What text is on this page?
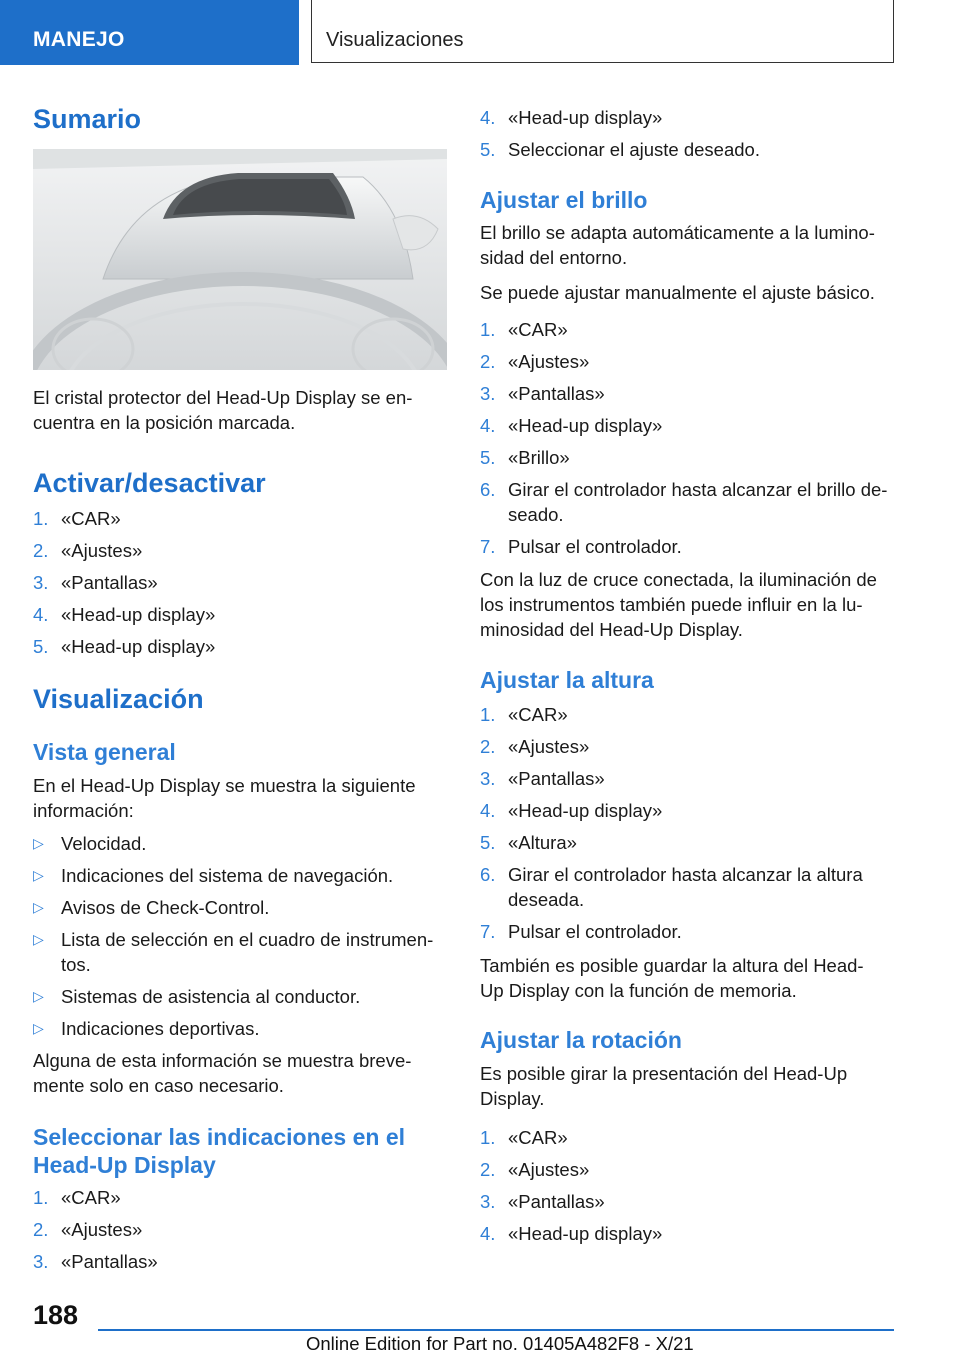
MANEJO	Visualizaciones
Sumario
El cristal protector del Head-Up Display se en-
cuentra en la posición marcada.
Activar/desactivar
1. «CAR»
2. «Ajustes»
3. «Pantallas»
4. «Head-up display»
5. «Head-up display»
Visualización
Vista general
En el Head-Up Display se muestra la siguiente
información:
▷ Velocidad.
▷ Indicaciones del sistema de navegación.
▷ Avisos de Check-Control.
▷ Lista de selección en el cuadro de instrumen-
tos.
▷ Sistemas de asistencia al conductor.
▷ Indicaciones deportivas.
Alguna de esta información se muestra breve-
mente solo en caso necesario.
Seleccionar las indicaciones en el
Head-Up Display
1. «CAR»
2. «Ajustes»
3. «Pantallas»
4. «Head-up display»
5. Seleccionar el ajuste deseado.
Ajustar el brillo
El brillo se adapta automáticamente a la lumino-
sidad del entorno.
Se puede ajustar manualmente el ajuste básico.
1. «CAR»
2. «Ajustes»
3. «Pantallas»
4. «Head-up display»
5. «Brillo»
6. Girar el controlador hasta alcanzar el brillo de-
seado.
7. Pulsar el controlador.
Con la luz de cruce conectada, la iluminación de
los instrumentos también puede influir en la lu-
minosidad del Head-Up Display.
Ajustar la altura
1. «CAR»
2. «Ajustes»
3. «Pantallas»
4. «Head-up display»
5. «Altura»
6. Girar el controlador hasta alcanzar la altura
deseada.
7. Pulsar el controlador.
También es posible guardar la altura del Head-
Up Display con la función de memoria.
Ajustar la rotación
Es posible girar la presentación del Head-Up
Display.
1. «CAR»
2. «Ajustes»
3. «Pantallas»
4. «Head-up display»
188
Online Edition for Part no. 01405A482F8 - X/21
